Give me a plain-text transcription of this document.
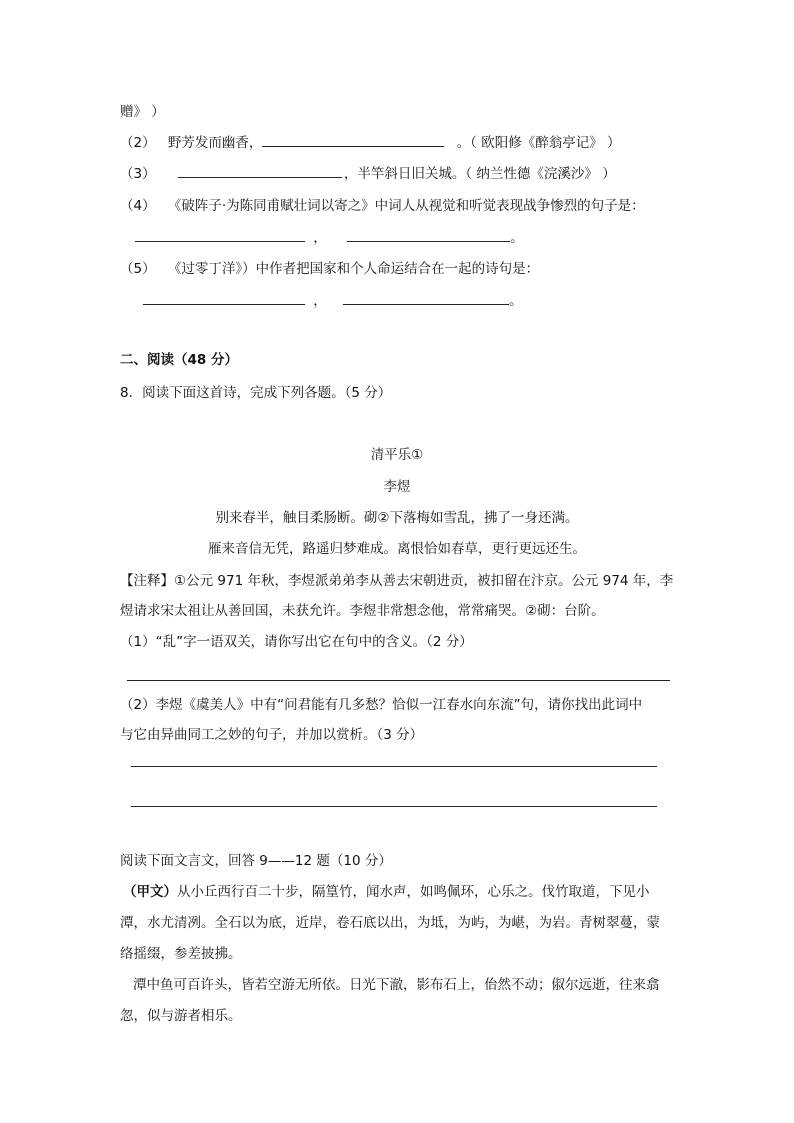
赠》 ）
（2） 野芳发而幽香，	。（ 欧阳修《醉翁亭记》 ）
（3）	，半竿斜日旧关城。（ 纳兰性德《浣溪沙》 ）
（4） 《破阵子·为陈同甫赋壮词以寄之》中词人从视觉和听觉表现战争惨烈的句子是：
，	。
（5） 《过零丁洋》）中作者把国家和个人命运结合在一起的诗句是：
，	。
二、阅读（48 分）
8．阅读下面这首诗，完成下列各题。（5 分）
清平乐①
李煜
别来春半，触目柔肠断。砌②下落梅如雪乱，拂了一身还满。
雁来音信无凭，路遥归梦难成。离恨恰如春草，更行更远还生。
【注释】①公元 971 年秋，李煜派弟弟李从善去宋朝进贡，被扣留在汴京。公元 974 年，李
煜请求宋太祖让从善回国，未获允许。李煜非常想念他，常常痛哭。②砌：台阶。
（1）“乱”字一语双关，请你写出它在句中的含义。（2 分）
（2）李煜《虞美人》中有“问君能有几多愁？恰似一江春水向东流”句，请你找出此词中
与它由异曲同工之妙的句子，并加以赏析。（3 分）
阅读下面文言文，回答 9——12 题（10 分）
（甲文）从小丘西行百二十步，隔篁竹，闻水声，如鸣佩环，心乐之。伐竹取道，下见小
潭，水尤清冽。全石以为底，近岸，卷石底以出，为坻，为屿，为嵁，为岩。青树翠蔓，蒙
络摇缀，参差披拂。
潭中鱼可百许头，皆若空游无所依。日光下澈，影布石上，佁然不动；俶尔远逝，往来翕
忽，似与游者相乐。
